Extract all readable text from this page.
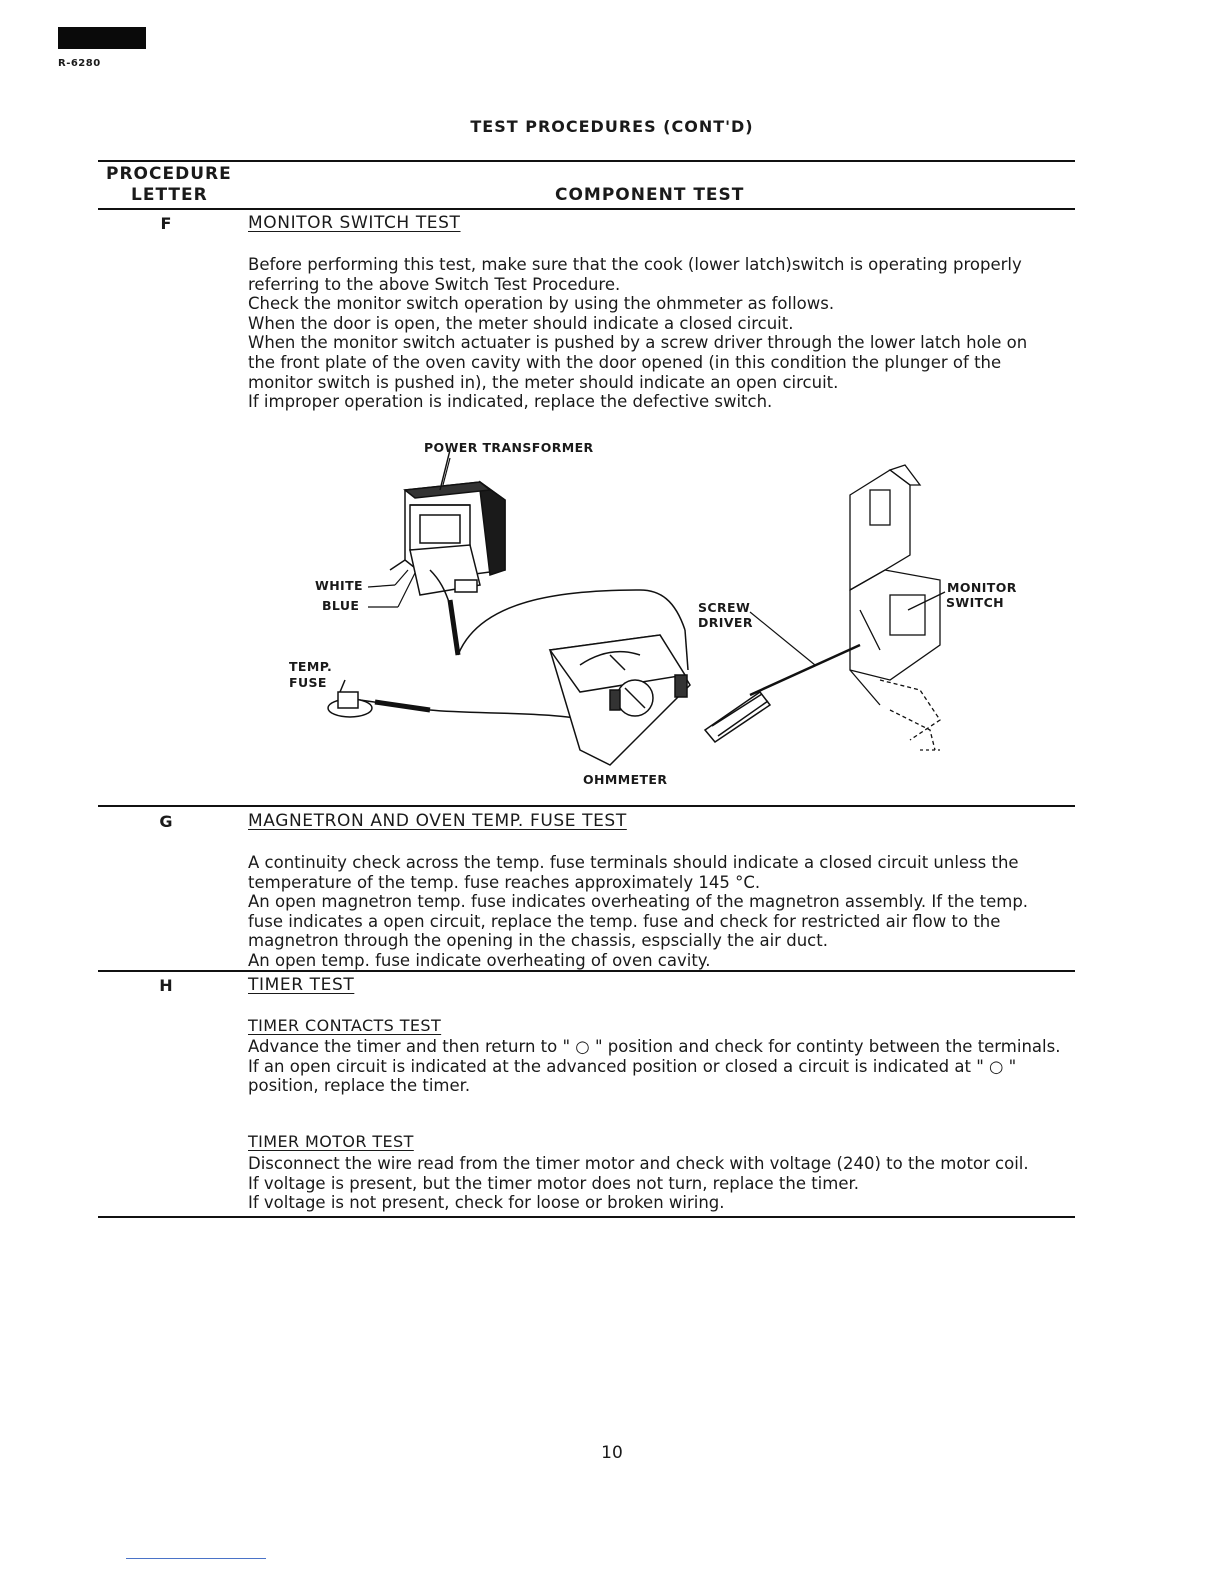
R-6280
TEST PROCEDURES (CONT'D)
PROCEDURE
LETTER	COMPONENT TEST
F	MONITOR SWITCH TEST
Before performing this test, make sure that the cook (lower latch)switch is operating properly
referring to the above Switch Test Procedure.
Check the monitor switch operation by using the ohmmeter as follows.
When the door is open, the meter should indicate a closed circuit.
When the monitor switch actuater is pushed by a screw driver through the lower latch hole on
the front plate of the oven cavity with the door opened (in this condition the plunger of the
monitor switch is pushed in), the meter should indicate an open circuit.
If improper operation is indicated, replace the defective switch.
POWER TRANSFORMER
WHITE
BLUE
TEMP.
FUSE
SCREW
DRIVER
MONITOR
SWITCH
OHMMETER
G	MAGNETRON AND OVEN TEMP. FUSE TEST
A continuity check across the temp. fuse terminals should indicate a closed circuit unless the
temperature of the temp. fuse reaches approximately 145 °C.
An open magnetron temp. fuse indicates overheating of the magnetron assembly. If the temp.
fuse indicates a open circuit, replace the temp. fuse and check for restricted air flow to the
magnetron through the opening in the chassis, espscially the air duct.
An open temp. fuse indicate overheating of oven cavity.
H	TIMER TEST
TIMER CONTACTS TEST
Advance the timer and then return to " ○ " position and check for continty between the terminals.
If an open circuit is indicated at the advanced position or closed a circuit is indicated at " ○ "
position, replace the timer.
TIMER MOTOR TEST
Disconnect the wire read from the timer motor and check with voltage (240) to the motor coil.
If voltage is present, but the timer motor does not turn, replace the timer.
If voltage is not present, check for loose or broken wiring.
10
